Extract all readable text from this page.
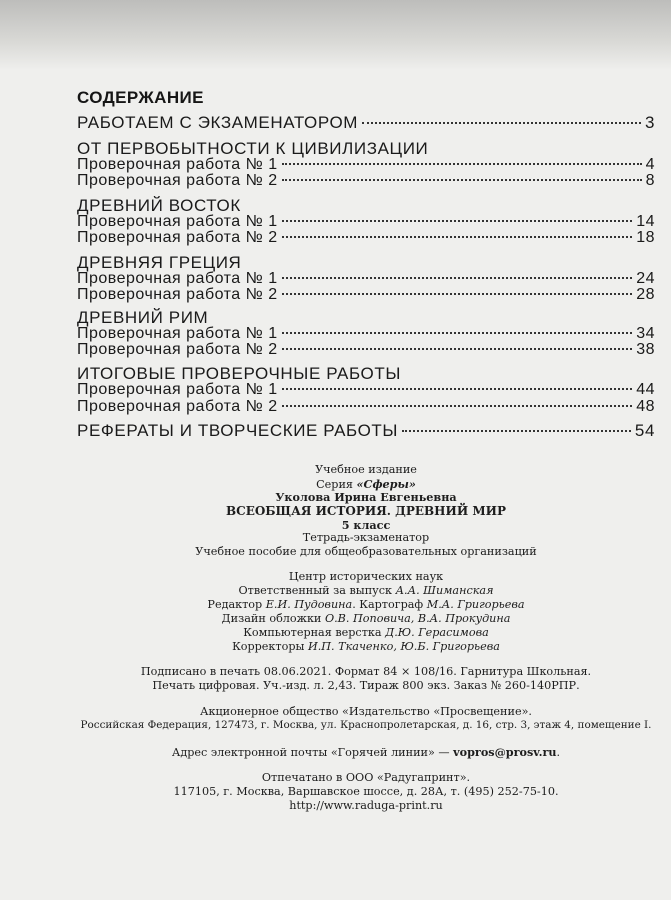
СОДЕРЖАНИЕ
РАБОТАЕМ С ЭКЗАМЕНАТОРОМ	3
ОТ ПЕРВОБЫТНОСТИ К ЦИВИЛИЗАЦИИ
Проверочная работа № 1	4
Проверочная работа № 2	8
ДРЕВНИЙ ВОСТОК
Проверочная работа № 1	14
Проверочная работа № 2	18
ДРЕВНЯЯ ГРЕЦИЯ
Проверочная работа № 1	24
Проверочная работа № 2	28
ДРЕВНИЙ РИМ
Проверочная работа № 1	34
Проверочная работа № 2	38
ИТОГОВЫЕ ПРОВЕРОЧНЫЕ РАБОТЫ
Проверочная работа № 1	44
Проверочная работа № 2	48
РЕФЕРАТЫ И ТВОРЧЕСКИЕ РАБОТЫ	54
Учебное издание
Серия «Сферы»
Уколова Ирина Евгеньевна
ВСЕОБЩАЯ ИСТОРИЯ. ДРЕВНИЙ МИР
5 класс
Тетрадь-экзаменатор
Учебное пособие для общеобразовательных организаций
Центр исторических наук
Ответственный за выпуск А.А. Шиманская
Редактор Е.И. Пудовина. Картограф М.А. Григорьева
Дизайн обложки О.В. Поповича, В.А. Прокудина
Компьютерная верстка Д.Ю. Герасимова
Корректоры И.П. Ткаченко, Ю.Б. Григорьева
Подписано в печать 08.06.2021. Формат 84 × 108/16. Гарнитура Школьная.
Печать цифровая. Уч.-изд. л. 2,43. Тираж 800 экз. Заказ № 260-140РПР.
Акционерное общество «Издательство «Просвещение».
Российская Федерация, 127473, г. Москва, ул. Краснопролетарская, д. 16, стр. 3, этаж 4, помещение I.
Адрес электронной почты «Горячей линии» — vopros@prosv.ru.
Отпечатано в ООО «Радугапринт».
117105, г. Москва, Варшавское шоссе, д. 28А, т. (495) 252-75-10.
http://www.raduga-print.ru
